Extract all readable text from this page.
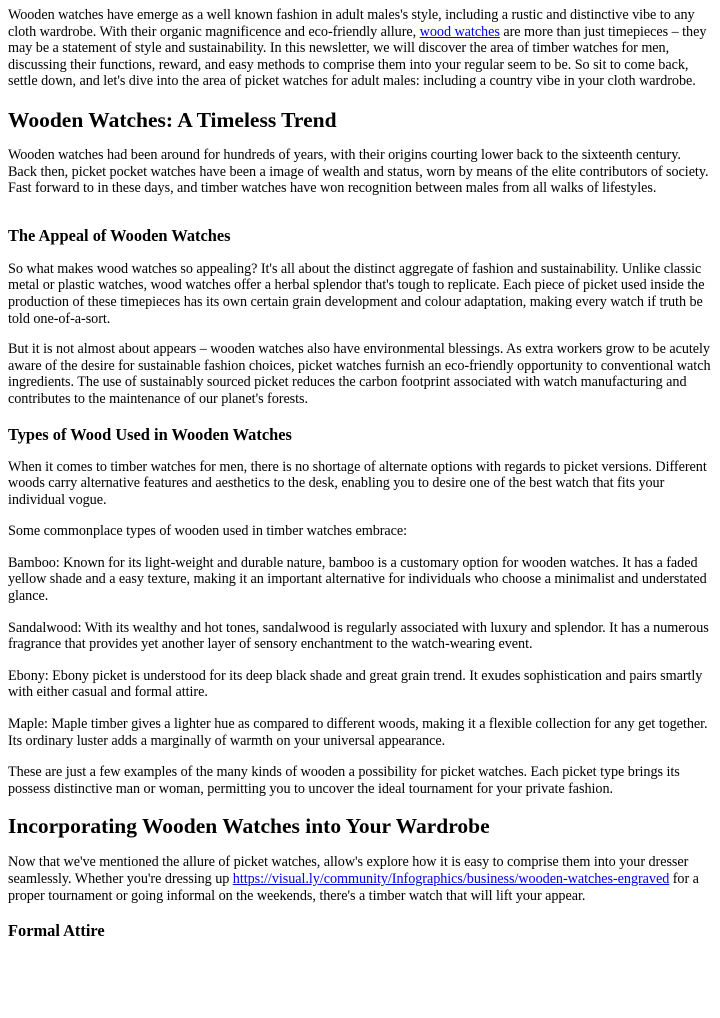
Wooden watches have emerge as a well known fashion in adult males's style, including a rustic and distinctive vibe to any cloth wardrobe. With their organic magnificence and eco-friendly allure, wood watches are more than just timepieces – they may be a statement of style and sustainability. In this newsletter, we will discover the area of timber watches for men, discussing their functions, reward, and easy methods to comprise them into your regular seem to be. So sit to come back, settle down, and let's dive into the area of picket watches for adult males: including a country vibe in your cloth wardrobe.

Wooden Watches: A Timeless Trend

Wooden watches had been around for hundreds of years, with their origins courting lower back to the sixteenth century. Back then, picket pocket watches have been a image of wealth and status, worn by means of the elite contributors of society. Fast forward to in these days, and timber watches have won recognition between males from all walks of lifestyles.

The Appeal of Wooden Watches

So what makes wood watches so appealing? It's all about the distinct aggregate of fashion and sustainability. Unlike classic metal or plastic watches, wood watches offer a herbal splendor that's tough to replicate. Each piece of picket used inside the production of these timepieces has its own certain grain development and colour adaptation, making every watch if truth be told one-of-a-sort.

But it is not almost about appears – wooden watches also have environmental blessings. As extra workers grow to be acutely aware of the desire for sustainable fashion choices, picket watches furnish an eco-friendly opportunity to conventional watch ingredients. The use of sustainably sourced picket reduces the carbon footprint associated with watch manufacturing and contributes to the maintenance of our planet's forests.

Types of Wood Used in Wooden Watches

When it comes to timber watches for men, there is no shortage of alternate options with regards to picket versions. Different woods carry alternative features and aesthetics to the desk, enabling you to desire one of the best watch that fits your individual vogue.

Some commonplace types of wooden used in timber watches embrace:

Bamboo: Known for its light-weight and durable nature, bamboo is a customary option for wooden watches. It has a faded yellow shade and a easy texture, making it an important alternative for individuals who choose a minimalist and understated glance.

Sandalwood: With its wealthy and hot tones, sandalwood is regularly associated with luxury and splendor. It has a numerous fragrance that provides yet another layer of sensory enchantment to the watch-wearing event.

Ebony: Ebony picket is understood for its deep black shade and great grain trend. It exudes sophistication and pairs smartly with either casual and formal attire.

Maple: Maple timber gives a lighter hue as compared to different woods, making it a flexible collection for any get together. Its ordinary luster adds a marginally of warmth on your universal appearance.

These are just a few examples of the many kinds of wooden a possibility for picket watches. Each picket type brings its possess distinctive man or woman, permitting you to uncover the ideal tournament for your private fashion.

Incorporating Wooden Watches into Your Wardrobe

Now that we've mentioned the allure of picket watches, allow's explore how it is easy to comprise them into your dresser seamlessly. Whether you're dressing up https://visual.ly/community/Infographics/business/wooden-watches-engraved for a proper tournament or going informal on the weekends, there's a timber watch that will lift your appear.

Formal Attire
